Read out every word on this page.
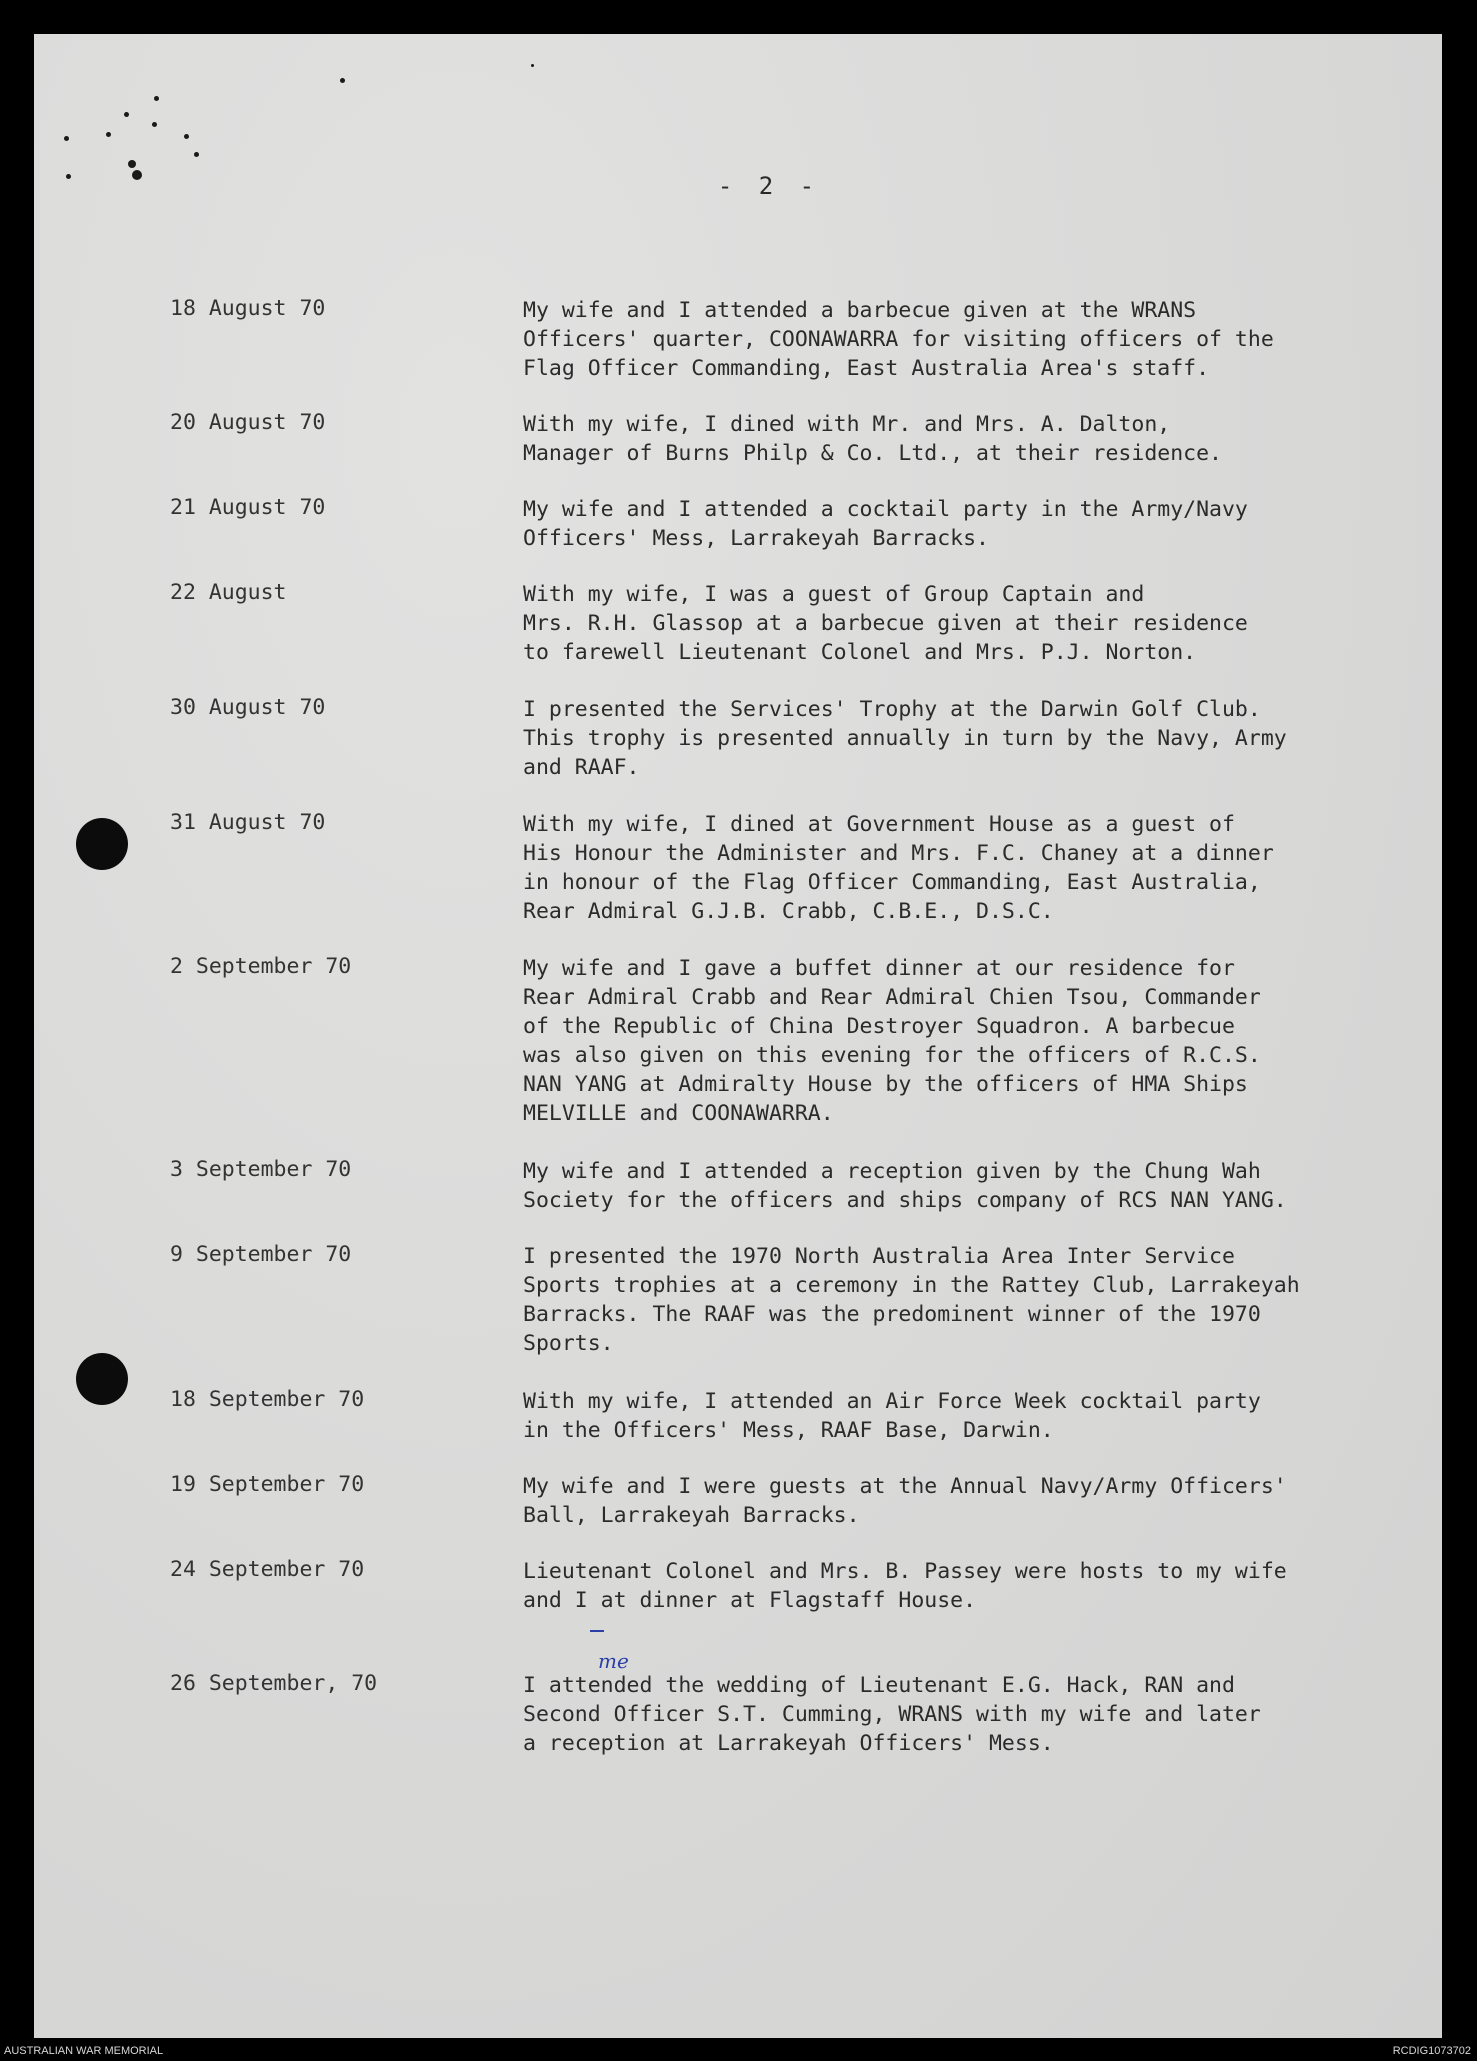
- 2 -
18 August 70	My wife and I attended a barbecue given at the WRANS
Officers' quarter, COONAWARRA for visiting officers of the
Flag Officer Commanding, East Australia Area's staff.
20 August 70	With my wife, I dined with Mr. and Mrs. A. Dalton,
Manager of Burns Philp & Co. Ltd., at their residence.
21 August 70	My wife and I attended a cocktail party in the Army/Navy
Officers' Mess, Larrakeyah Barracks.
22 August	With my wife, I was a guest of Group Captain and
Mrs. R.H. Glassop at a barbecue given at their residence
to farewell Lieutenant Colonel and Mrs. P.J. Norton.
30 August 70	I presented the Services' Trophy at the Darwin Golf Club.
This trophy is presented annually in turn by the Navy, Army
and RAAF.
31 August 70	With my wife, I dined at Government House as a guest of
His Honour the Administer and Mrs. F.C. Chaney at a dinner
in honour of the Flag Officer Commanding, East Australia,
Rear Admiral G.J.B. Crabb, C.B.E., D.S.C.
2 September 70	My wife and I gave a buffet dinner at our residence for
Rear Admiral Crabb and Rear Admiral Chien Tsou, Commander
of the Republic of China Destroyer Squadron. A barbecue
was also given on this evening for the officers of R.C.S.
NAN YANG at Admiralty House by the officers of HMA Ships
MELVILLE and COONAWARRA.
3 September 70	My wife and I attended a reception given by the Chung Wah
Society for the officers and ships company of RCS NAN YANG.
9 September 70	I presented the 1970 North Australia Area Inter Service
Sports trophies at a ceremony in the Rattey Club, Larrakeyah
Barracks. The RAAF was the predominent winner of the 1970
Sports.
18 September 70	With my wife, I attended an Air Force Week cocktail party
in the Officers' Mess, RAAF Base, Darwin.
19 September 70	My wife and I were guests at the Annual Navy/Army Officers'
Ball, Larrakeyah Barracks.
24 September 70	Lieutenant Colonel and Mrs. B. Passey were hosts to my wife
and I at dinner at Flagstaff House.
me
26 September, 70	I attended the wedding of Lieutenant E.G. Hack, RAN and
Second Officer S.T. Cumming, WRANS with my wife and later
a reception at Larrakeyah Officers' Mess.
AUSTRALIAN WAR MEMORIAL	RCDIG1073702
